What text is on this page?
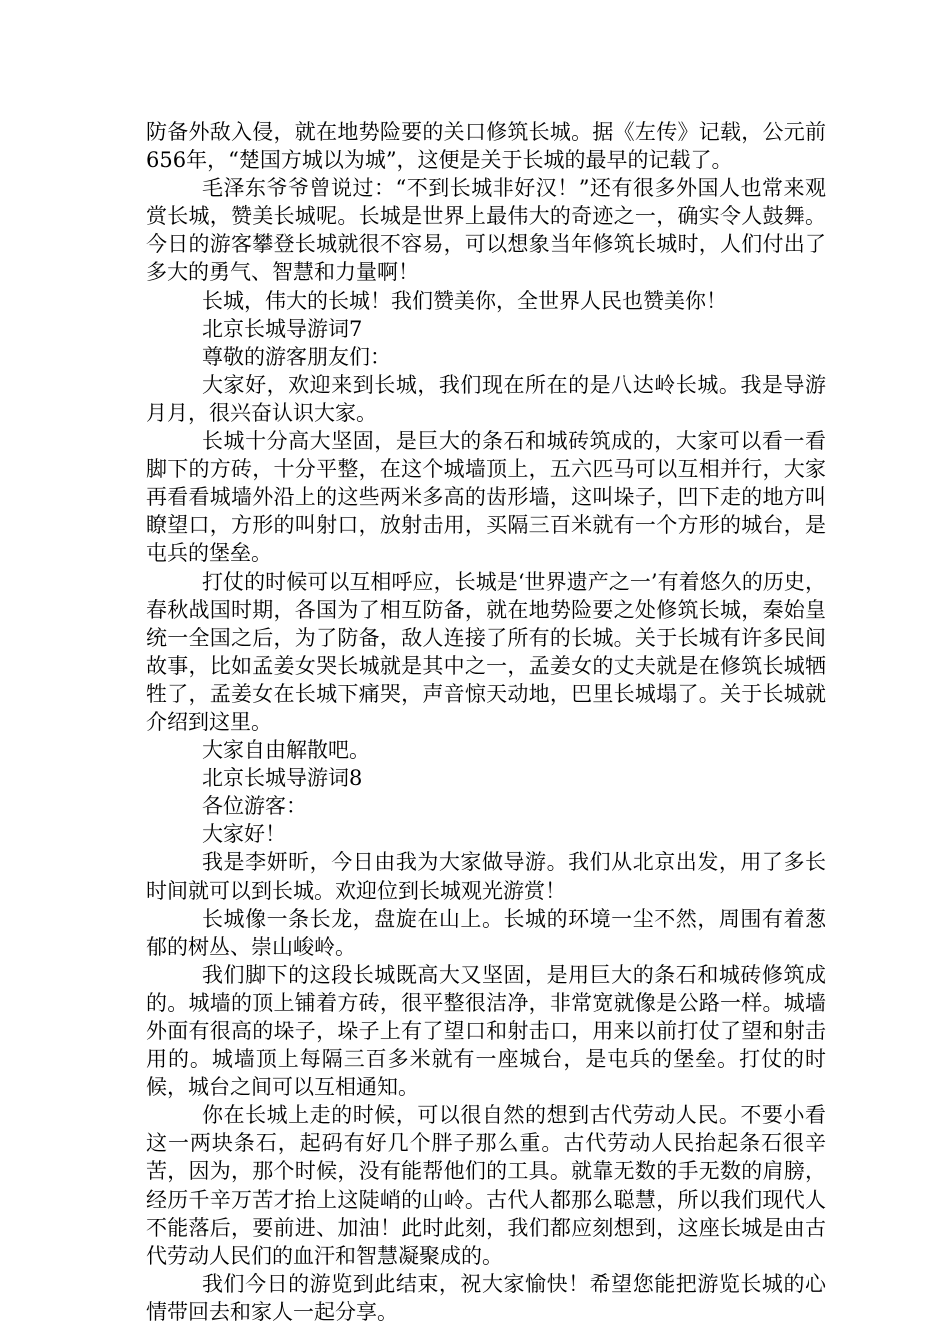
防备外敌入侵，就在地势险要的关口修筑长城。据《左传》记载，公元前656年，“楚国方城以为城”，这便是关于长城的最早的记载了。

毛泽东爷爷曾说过：“不到长城非好汉！”还有很多外国人也常来观赏长城，赞美长城呢。长城是世界上最伟大的奇迹之一，确实令人鼓舞。今日的游客攀登长城就很不容易，可以想象当年修筑长城时，人们付出了多大的勇气、智慧和力量啊！

长城，伟大的长城！我们赞美你，全世界人民也赞美你！

北京长城导游词7

尊敬的游客朋友们：

大家好，欢迎来到长城，我们现在所在的是八达岭长城。我是导游月月，很兴奋认识大家。

长城十分高大坚固，是巨大的条石和城砖筑成的，大家可以看一看脚下的方砖，十分平整，在这个城墙顶上，五六匹马可以互相并行，大家再看看城墙外沿上的这些两米多高的齿形墙，这叫垛子，凹下走的地方叫瞭望口，方形的叫射口，放射击用，买隔三百米就有一个方形的城台，是屯兵的堡垒。

打仗的时候可以互相呼应，长城是‘世界遗产之一’有着悠久的历史，春秋战国时期，各国为了相互防备，就在地势险要之处修筑长城，秦始皇统一全国之后，为了防备，敌人连接了所有的长城。关于长城有许多民间故事，比如孟姜女哭长城就是其中之一，孟姜女的丈夫就是在修筑长城牺牲了，孟姜女在长城下痛哭，声音惊天动地，巴里长城塌了。关于长城就介绍到这里。

大家自由解散吧。

北京长城导游词8

各位游客：

大家好！

我是李妍昕，今日由我为大家做导游。我们从北京出发，用了多长时间就可以到长城。欢迎位到长城观光游赏！

长城像一条长龙，盘旋在山上。长城的环境一尘不然，周围有着葱郁的树丛、崇山峻岭。

我们脚下的这段长城既高大又坚固，是用巨大的条石和城砖修筑成的。城墙的顶上铺着方砖，很平整很洁净，非常宽就像是公路一样。城墙外面有很高的垛子，垛子上有了望口和射击口，用来以前打仗了望和射击用的。城墙顶上每隔三百多米就有一座城台，是屯兵的堡垒。打仗的时候，城台之间可以互相通知。

你在长城上走的时候，可以很自然的想到古代劳动人民。不要小看这一两块条石，起码有好几个胖子那么重。古代劳动人民抬起条石很辛苦，因为，那个时候，没有能帮他们的工具。就靠无数的手无数的肩膀，经历千辛万苦才抬上这陡峭的山岭。古代人都那么聪慧，所以我们现代人不能落后，要前进、加油！此时此刻，我们都应刻想到，这座长城是由古代劳动人民们的血汗和智慧凝聚成的。

我们今日的游览到此结束，祝大家愉快！希望您能把游览长城的心情带回去和家人一起分享。
